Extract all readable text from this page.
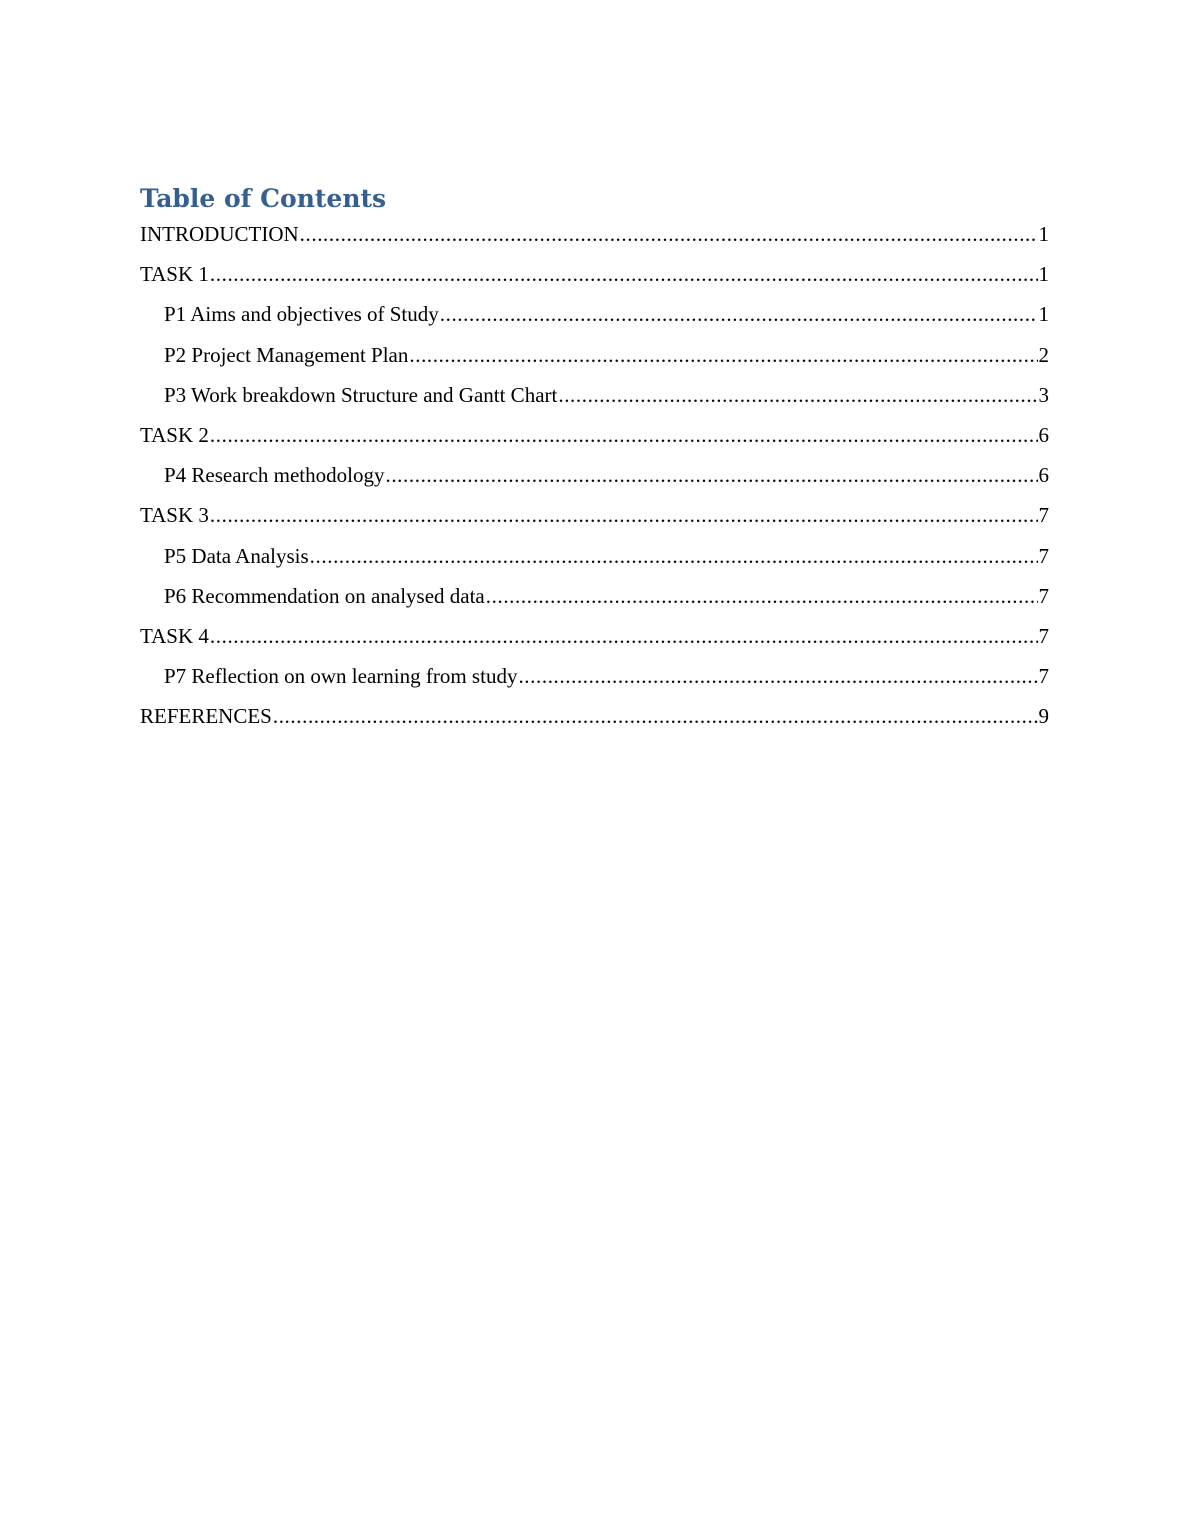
Table of Contents
INTRODUCTION .....	1
TASK 1 .....	1
P1 Aims and objectives of Study .....	1
P2 Project Management Plan .....	2
P3 Work breakdown Structure and Gantt Chart .....	3
TASK 2 .....	6
P4 Research methodology .....	6
TASK 3 .....	7
P5 Data Analysis .....	7
P6 Recommendation on analysed data .....	7
TASK 4 .....	7
P7 Reflection on own learning from study .....	7
REFERENCES .....	9
